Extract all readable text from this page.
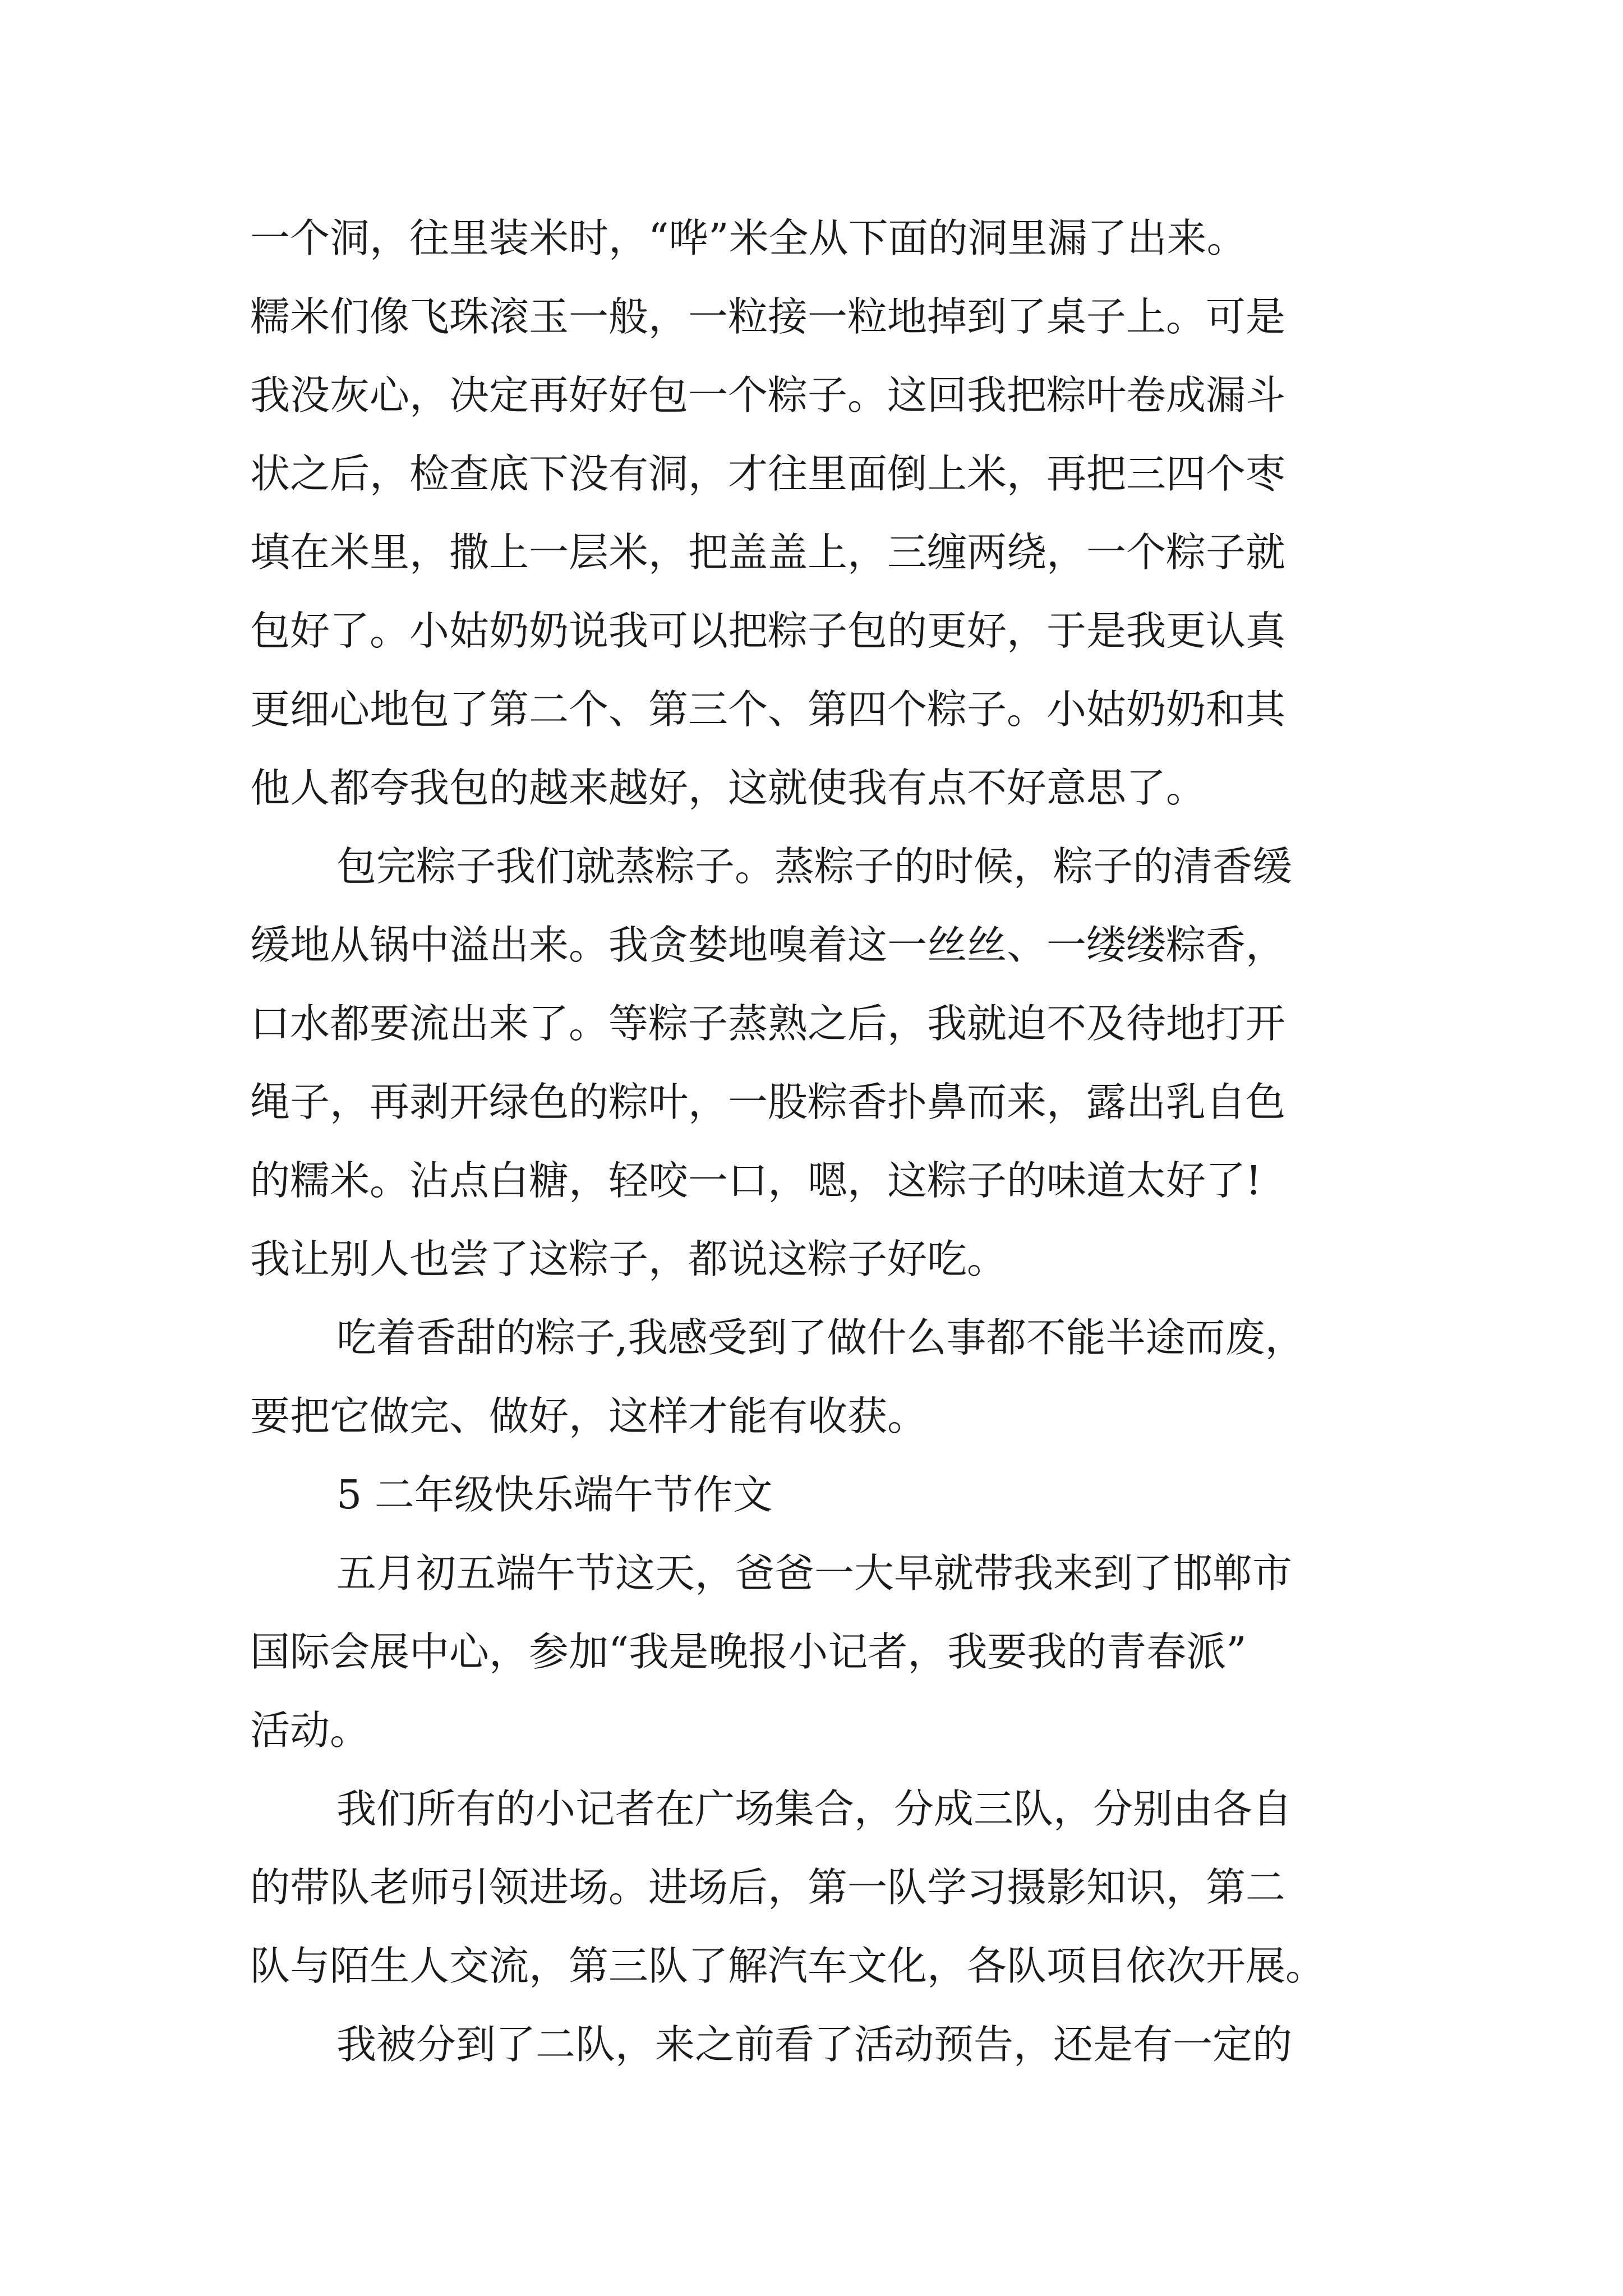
一个洞，往里装米时，“哗”米全从下面的洞里漏了出来。
糯米们像飞珠滚玉一般，一粒接一粒地掉到了桌子上。可是
我没灰心，决定再好好包一个粽子。这回我把粽叶卷成漏斗
状之后，检查底下没有洞，才往里面倒上米，再把三四个枣
填在米里，撒上一层米，把盖盖上，三缠两绕，一个粽子就
包好了。小姑奶奶说我可以把粽子包的更好，于是我更认真
更细心地包了第二个、第三个、第四个粽子。小姑奶奶和其
他人都夸我包的越来越好，这就使我有点不好意思了。
包完粽子我们就蒸粽子。蒸粽子的时候，粽子的清香缓
缓地从锅中溢出来。我贪婪地嗅着这一丝丝、一缕缕粽香，
口水都要流出来了。等粽子蒸熟之后，我就迫不及待地打开
绳子，再剥开绿色的粽叶，一股粽香扑鼻而来，露出乳自色
的糯米。沾点白糖，轻咬一口，嗯，这粽子的味道太好了!
我让别人也尝了这粽子，都说这粽子好吃。
吃着香甜的粽子,我感受到了做什么事都不能半途而废，
要把它做完、做好，这样才能有收获。
5 二年级快乐端午节作文
五月初五端午节这天，爸爸一大早就带我来到了邯郸市
国际会展中心，参加“我是晚报小记者，我要我的青春派”
活动。
我们所有的小记者在广场集合，分成三队，分别由各自
的带队老师引领进场。进场后，第一队学习摄影知识，第二
队与陌生人交流，第三队了解汽车文化，各队项目依次开展。
我被分到了二队，来之前看了活动预告，还是有一定的
